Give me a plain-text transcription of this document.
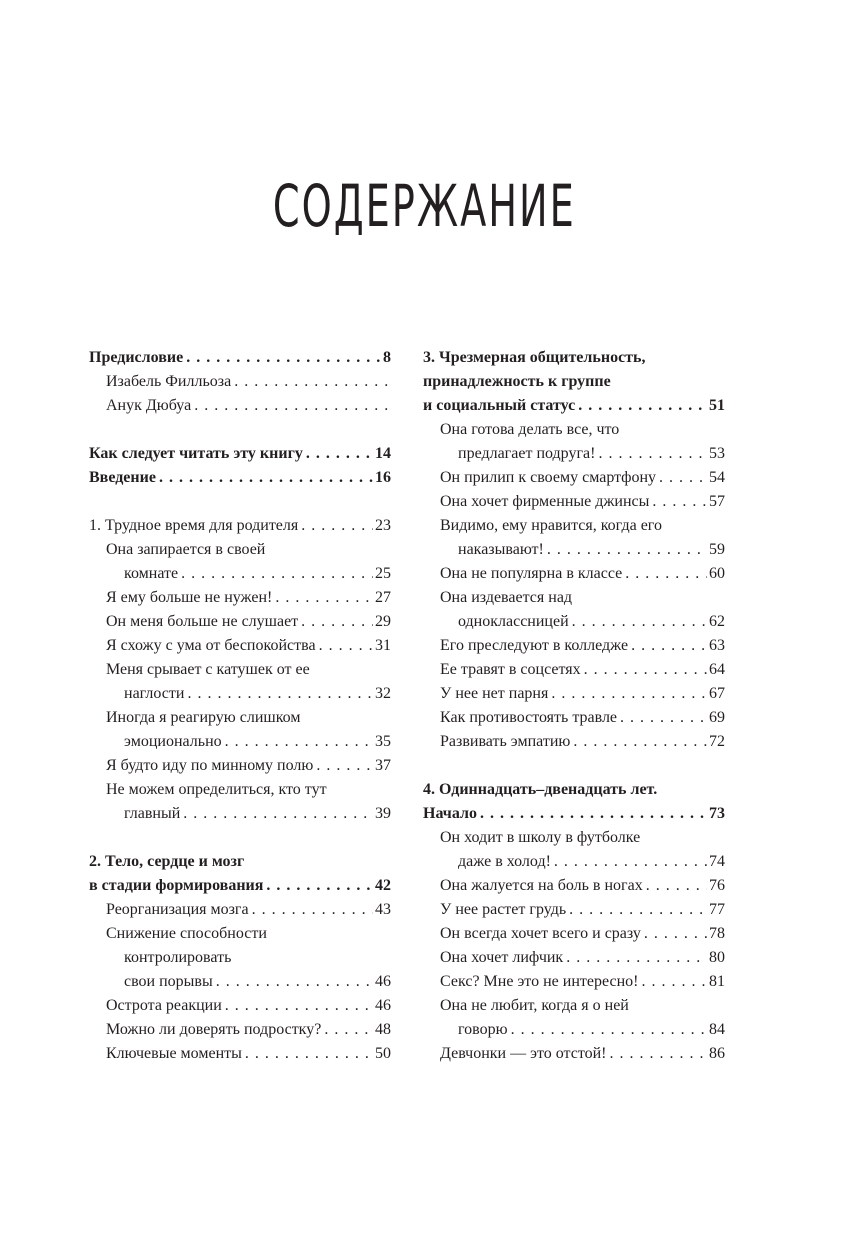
СОДЕРЖАНИЕ
Предисловие . . .	8
Изабель Филльоза
. . .
Анук Дюбуа
. . .
Как следует читать эту книгу . . .	14
Введение . . .	16
1. Трудное время для родителя . . .	23
Она запирается в своей
комнате . . .	25
Я ему больше не нужен! . . .	27
Он меня больше не слушает . . .	29
Я схожу с ума от беспокойства . . .	31
Меня срывает с катушек от ее
наглости . . .	32
Иногда я реагирую слишком
эмоционально . . .	35
Я будто иду по минному полю . . .	37
Не можем определиться, кто тут
главный . . .	39
2. Тело, сердце и мозг
в стадии формирования . . .	42
Реорганизация мозга . . .	43
Снижение способности
контролировать
свои порывы . . .	46
Острота реакции . . .	46
Можно ли доверять подростку? . . .	48
Ключевые моменты . . .	50
3. Чрезмерная общительность,
принадлежность к группе
и социальный статус . . .	51
Она готова делать все, что
предлагает подруга! . . .	53
Он прилип к своему смартфону . . .	54
Она хочет фирменные джинсы . . .	57
Видимо, ему нравится, когда его
наказывают! . . .	59
Она не популярна в классе . . .	60
Она издевается над
одноклассницей . . .	62
Его преследуют в колледже . . .	63
Ее травят в соцсетях . . .	64
У нее нет парня . . .	67
Как противостоять травле . . .	69
Развивать эмпатию . . .	72
4. Одиннадцать–двенадцать лет.
Начало . . .	73
Он ходит в школу в футболке
даже в холод! . . .	74
Она жалуется на боль в ногах . . .	76
У нее растет грудь . . .	77
Он всегда хочет всего и сразу . . .	78
Она хочет лифчик . . .	80
Секс? Мне это не интересно! . . .	81
Она не любит, когда я о ней
говорю . . .	84
Девчонки — это отстой! . . .	86
